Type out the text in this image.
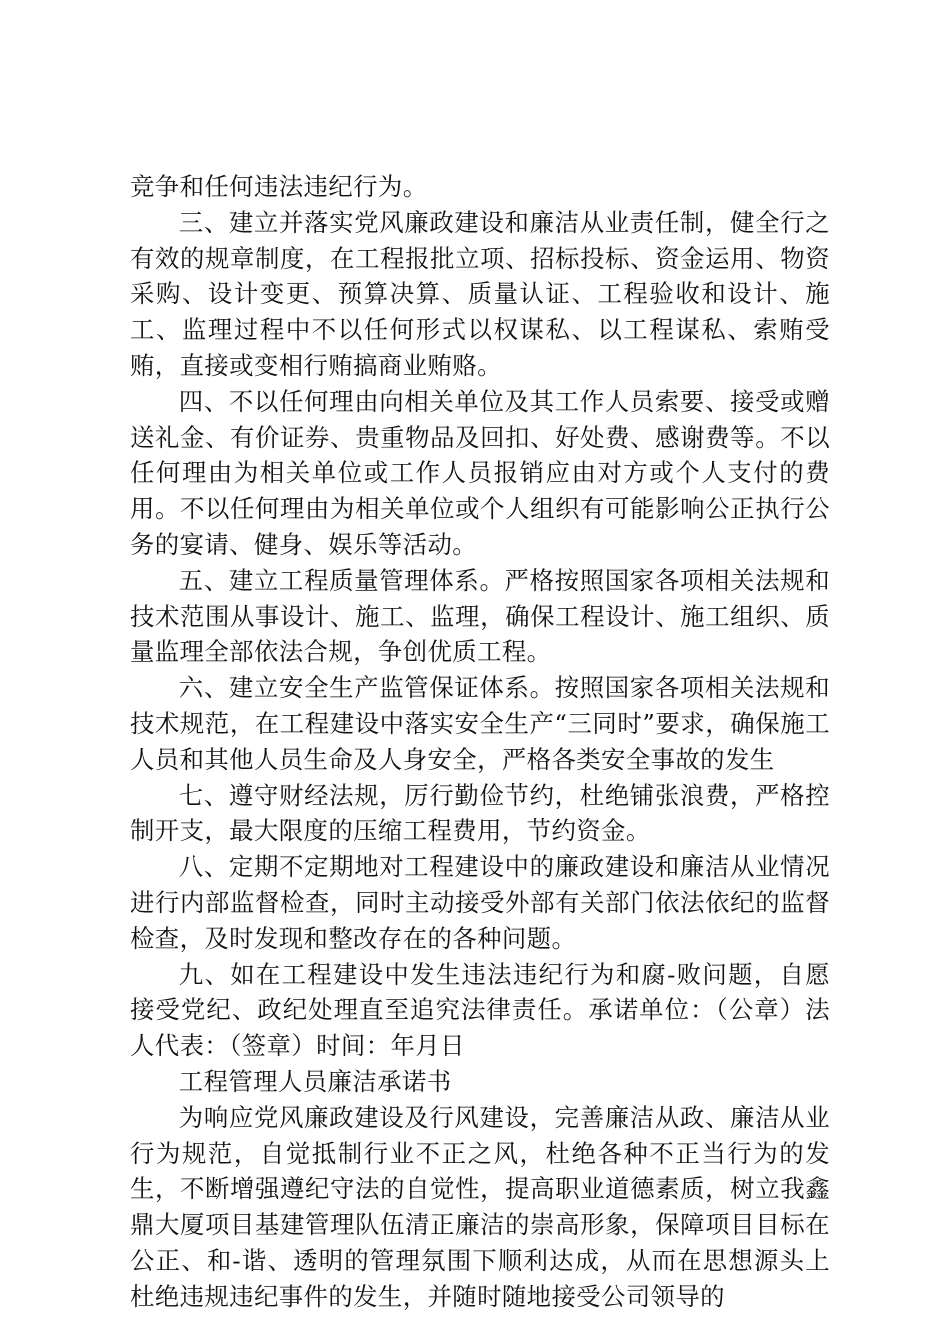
竞争和任何违法违纪行为。

三、建立并落实党风廉政建设和廉洁从业责任制，健全行之有效的规章制度，在工程报批立项、招标投标、资金运用、物资采购、设计变更、预算决算、质量认证、工程验收和设计、施工、监理过程中不以任何形式以权谋私、以工程谋私、索贿受贿，直接或变相行贿搞商业贿赂。

四、不以任何理由向相关单位及其工作人员索要、接受或赠送礼金、有价证券、贵重物品及回扣、好处费、感谢费等。不以任何理由为相关单位或工作人员报销应由对方或个人支付的费用。不以任何理由为相关单位或个人组织有可能影响公正执行公务的宴请、健身、娱乐等活动。

五、建立工程质量管理体系。严格按照国家各项相关法规和技术范围从事设计、施工、监理，确保工程设计、施工组织、质量监理全部依法合规，争创优质工程。

六、建立安全生产监管保证体系。按照国家各项相关法规和技术规范，在工程建设中落实安全生产“三同时”要求，确保施工人员和其他人员生命及人身安全，严格各类安全事故的发生

七、遵守财经法规，厉行勤俭节约，杜绝铺张浪费，严格控制开支，最大限度的压缩工程费用，节约资金。

八、定期不定期地对工程建设中的廉政建设和廉洁从业情况进行内部监督检查，同时主动接受外部有关部门依法依纪的监督检查，及时发现和整改存在的各种问题。

九、如在工程建设中发生违法违纪行为和腐-败问题，自愿接受党纪、政纪处理直至追究法律责任。承诺单位：（公章）法人代表：（签章）时间：年月日

工程管理人员廉洁承诺书

为响应党风廉政建设及行风建设，完善廉洁从政、廉洁从业行为规范，自觉抵制行业不正之风，杜绝各种不正当行为的发生，不断增强遵纪守法的自觉性，提高职业道德素质，树立我鑫鼎大厦项目基建管理队伍清正廉洁的崇高形象，保障项目目标在公正、和-谐、透明的管理氛围下顺利达成，从而在思想源头上杜绝违规违纪事件的发生，并随时随地接受公司领导的
